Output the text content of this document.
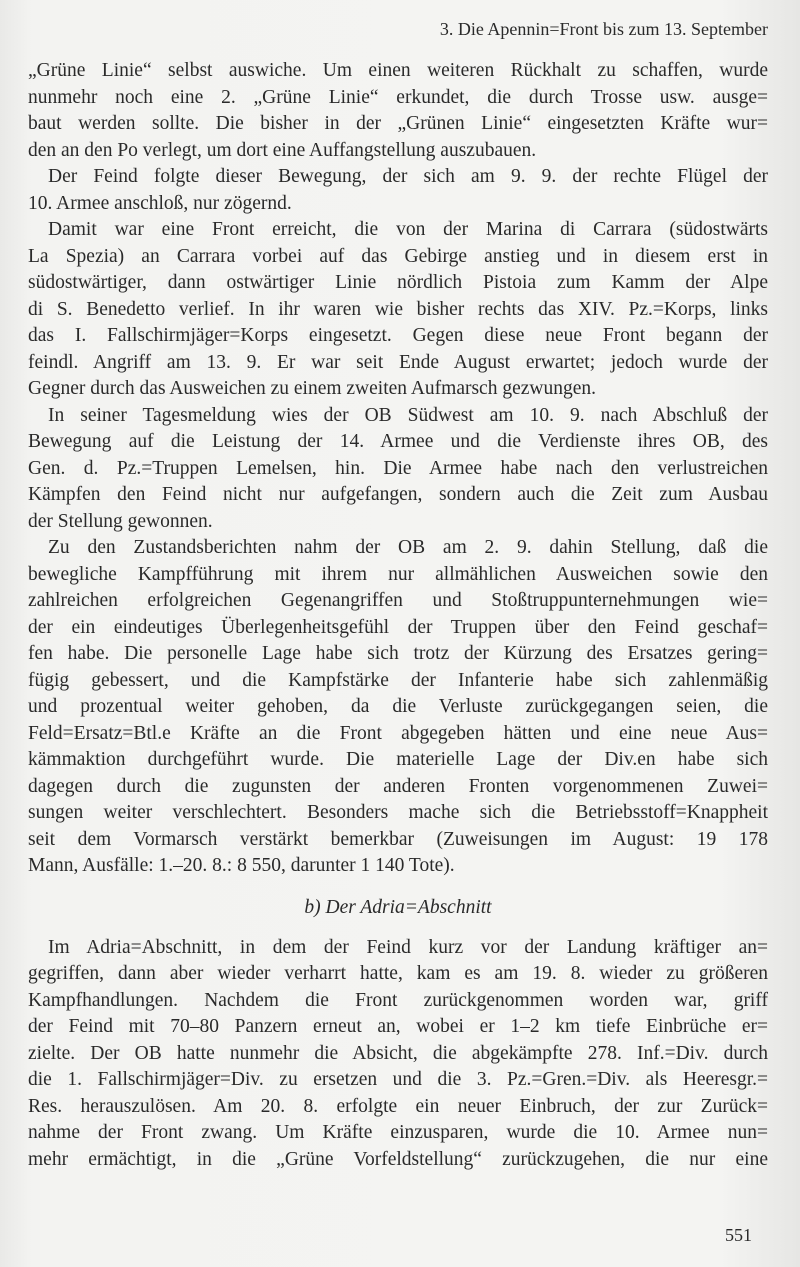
3. Die Apennin=Front bis zum 13. September
„Grüne Linie“ selbst auswiche. Um einen weiteren Rückhalt zu schaffen, wurde
nunmehr noch eine 2. „Grüne Linie“ erkundet, die durch Trosse usw. ausge=
baut werden sollte. Die bisher in der „Grünen Linie“ eingesetzten Kräfte wur=
den an den Po verlegt, um dort eine Auffangstellung auszubauen.
Der Feind folgte dieser Bewegung, der sich am 9. 9. der rechte Flügel der
10. Armee anschloß, nur zögernd.
Damit war eine Front erreicht, die von der Marina di Carrara (südostwärts
La Spezia) an Carrara vorbei auf das Gebirge anstieg und in diesem erst in
südostwärtiger, dann ostwärtiger Linie nördlich Pistoia zum Kamm der Alpe
di S. Benedetto verlief. In ihr waren wie bisher rechts das XIV. Pz.=Korps, links
das I. Fallschirmjäger=Korps eingesetzt. Gegen diese neue Front begann der
feindl. Angriff am 13. 9. Er war seit Ende August erwartet; jedoch wurde der
Gegner durch das Ausweichen zu einem zweiten Aufmarsch gezwungen.
In seiner Tagesmeldung wies der OB Südwest am 10. 9. nach Abschluß der
Bewegung auf die Leistung der 14. Armee und die Verdienste ihres OB, des
Gen. d. Pz.=Truppen Lemelsen, hin. Die Armee habe nach den verlustreichen
Kämpfen den Feind nicht nur aufgefangen, sondern auch die Zeit zum Ausbau
der Stellung gewonnen.
Zu den Zustandsberichten nahm der OB am 2. 9. dahin Stellung, daß die
bewegliche Kampfführung mit ihrem nur allmählichen Ausweichen sowie den
zahlreichen erfolgreichen Gegenangriffen und Stoßtruppunternehmungen wie=
der ein eindeutiges Überlegenheitsgefühl der Truppen über den Feind geschaf=
fen habe. Die personelle Lage habe sich trotz der Kürzung des Ersatzes gering=
fügig gebessert, und die Kampfstärke der Infanterie habe sich zahlenmäßig
und prozentual weiter gehoben, da die Verluste zurückgegangen seien, die
Feld=Ersatz=Btl.e Kräfte an die Front abgegeben hätten und eine neue Aus=
kämmaktion durchgeführt wurde. Die materielle Lage der Div.en habe sich
dagegen durch die zugunsten der anderen Fronten vorgenommenen Zuwei=
sungen weiter verschlechtert. Besonders mache sich die Betriebsstoff=Knappheit
seit dem Vormarsch verstärkt bemerkbar (Zuweisungen im August: 19 178
Mann, Ausfälle: 1.–20. 8.: 8 550, darunter 1 140 Tote).
b) Der Adria=Abschnitt
Im Adria=Abschnitt, in dem der Feind kurz vor der Landung kräftiger an=
gegriffen, dann aber wieder verharrt hatte, kam es am 19. 8. wieder zu größeren
Kampfhandlungen. Nachdem die Front zurückgenommen worden war, griff
der Feind mit 70–80 Panzern erneut an, wobei er 1–2 km tiefe Einbrüche er=
zielte. Der OB hatte nunmehr die Absicht, die abgekämpfte 278. Inf.=Div. durch
die 1. Fallschirmjäger=Div. zu ersetzen und die 3. Pz.=Gren.=Div. als Heeresgr.=
Res. herauszulösen. Am 20. 8. erfolgte ein neuer Einbruch, der zur Zurück=
nahme der Front zwang. Um Kräfte einzusparen, wurde die 10. Armee nun=
mehr ermächtigt, in die „Grüne Vorfeldstellung“ zurückzugehen, die nur eine
551
